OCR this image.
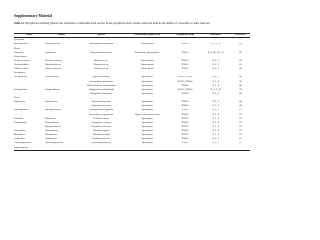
Supplementary Material
Table S1. Xylogluvan branching patterns and subclusters of individual plant species. In the xylogluvan motif column, subscripts indicate the number of consecutive G units observed.
Order	Family	Species	Generation/Organ/Tissue	Xyloglucan Motif	Subcluster	Reference
Lycopsida						
Marchantiales	Marchantiaceae	Marchantia polymorpha	Gametophyte	XXGG	X, L, F, G	[1]
Musci						
Funariales	Funariaceae	Physcomitrella patens	Protonema, gametophore	XXGG	X, L, M, N, F, G	[2]
Polytrichales						
Dendrocerotales	Dendrocerotaceae	Megaceros sp.	Gametophyte	XXGG	X, L, F	[3]
Notothyladales	Notothyladaceae	Phaeoceros sp.	Gametophyte	XXGG	X, L, F	[3]
Anthocerotales	Anthocerotaceae	Anthoceros sp.	Gametophyte	XXGG	X, L, F	[3]
Lycophytes						
Lycopodiales	Lycopodiaceae	Huperzia lucidula	Sporophyte	XXGG, XXXG	X, L, F	[4]
		Lycopodium annotinum	Sporophyte	XXXG, XXGG	X, L, F	[4]
		Diphasiastrum complanatum	Sporophyte	XXXG	X, L, F	[4]
Selaginellales	Selaginellaceae	Selaginella moellendorffii	Sporophyte	XXGG, XXXG	X, L, F, M	[5]
		Selaginella kraussiana	Sporophyte	XXXG	X, L, F	[4]
Ferns						
Equisetales	Equisetaceae	Equisetum hyemale	Sporophyte	XXXG	X, L, F	[6]
		Equisetum arvense	Sporophyte	XXXG	X, L, F	[6]
Ophioglossales	Ophioglossaceae	Ophioglossum vulgatum	Sporophyte	XXXG	X, L, F	[7]
		Botrychium virginianum	Upper leafed aerial stems	XXXG	X, L, F	[7]
Psilotales	Psilotaceae	Psilotum nudum	Sporophyte	XXXG	X, L, F	[7]
Polypodiales	Polypodiaceae	Polypodium vulgare	Sporophyte	XXXG	X, L, F	[7]
	Dryopteridaceae	Dryopteris filix-mas	Sporophyte	XXXG	X, L, F	[7]
Osmundales	Osmundaceae	Osmunda regalis	Sporophyte	XXXG	X, L, F	[7]
Marattiales	Marattiaceae	Marattia fraxinea	Sporophyte	XXXG	X, L, F	[7]
Cyatheales	Cyatheaceae	Cyathea australis	Sporophyte	XXXG	X, L, F	[7]
Hymenophyllales	Hymenophyllaceae	Hymenophyllum sp.	Sporophyte	XXXG	X, L, F	[7]
Gymnosperms						
